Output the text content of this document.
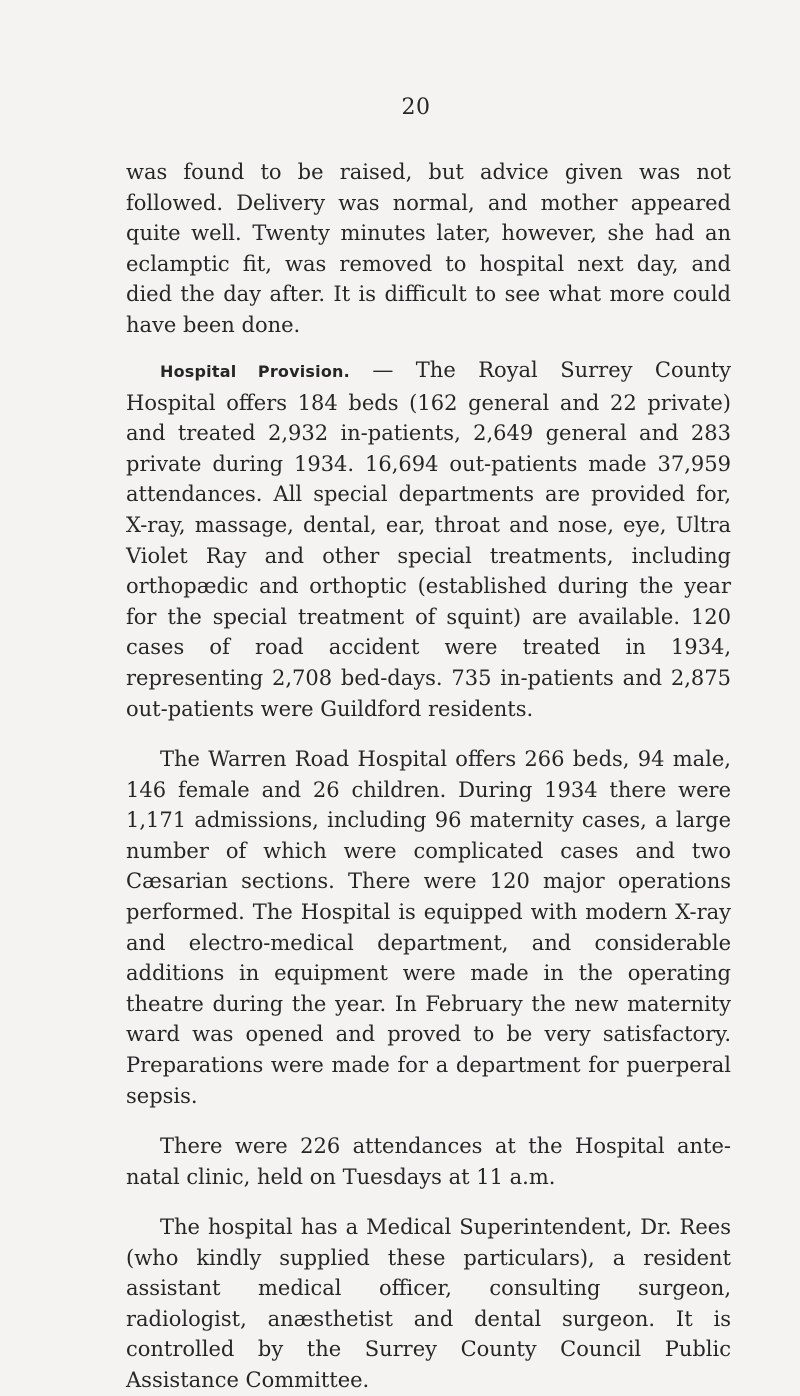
20

was found to be raised, but advice given was not followed. Delivery was normal, and mother appeared quite well. Twenty minutes later, however, she had an eclamptic fit, was removed to hospital next day, and died the day after. It is difficult to see what more could have been done.

Hospital Provision. — The Royal Surrey County Hospital offers 184 beds (162 general and 22 private) and treated 2,932 in-patients, 2,649 general and 283 private during 1934. 16,694 out-patients made 37,959 attendances. All special departments are provided for, X-ray, massage, dental, ear, throat and nose, eye, Ultra Violet Ray and other special treatments, including orthopædic and orthoptic (established during the year for the special treatment of squint) are available. 120 cases of road accident were treated in 1934, representing 2,708 bed-days. 735 in-patients and 2,875 out-patients were Guildford residents.

The Warren Road Hospital offers 266 beds, 94 male, 146 female and 26 children. During 1934 there were 1,171 admissions, including 96 maternity cases, a large number of which were complicated cases and two Cæsarian sections. There were 120 major operations performed. The Hospital is equipped with modern X-ray and electro-medical department, and considerable additions in equipment were made in the operating theatre during the year. In February the new maternity ward was opened and proved to be very satisfactory. Preparations were made for a department for puerperal sepsis.

There were 226 attendances at the Hospital ante-natal clinic, held on Tuesdays at 11 a.m.

The hospital has a Medical Superintendent, Dr. Rees (who kindly supplied these particulars), a resident assistant medical officer, consulting surgeon, radiologist, anæsthetist and dental surgeon. It is controlled by the Surrey County Council Public Assistance Committee.
